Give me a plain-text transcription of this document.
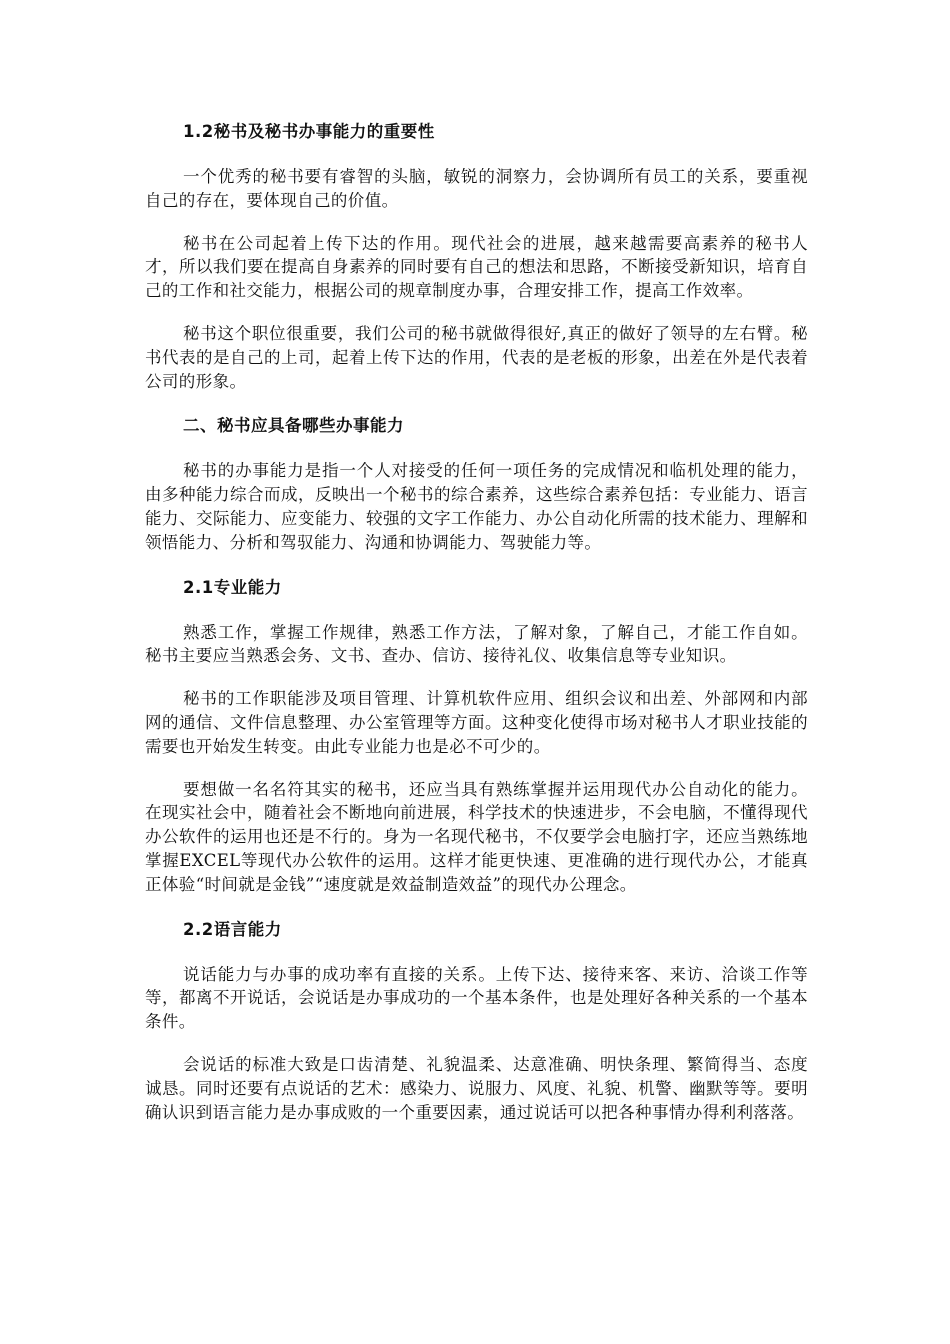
1.2秘书及秘书办事能力的重要性

一个优秀的秘书要有睿智的头脑，敏锐的洞察力，会协调所有员工的关系，要重视自己的存在，要体现自己的价值。

秘书在公司起着上传下达的作用。现代社会的进展，越来越需要高素养的秘书人才，所以我们要在提高自身素养的同时要有自己的想法和思路，不断接受新知识，培育自己的工作和社交能力，根据公司的规章制度办事，合理安排工作，提高工作效率。

秘书这个职位很重要，我们公司的秘书就做得很好,真正的做好了领导的左右臂。秘书代表的是自己的上司，起着上传下达的作用，代表的是老板的形象，出差在外是代表着公司的形象。

二、秘书应具备哪些办事能力

秘书的办事能力是指一个人对接受的任何一项任务的完成情况和临机处理的能力，由多种能力综合而成，反映出一个秘书的综合素养，这些综合素养包括：专业能力、语言能力、交际能力、应变能力、较强的文字工作能力、办公自动化所需的技术能力、理解和领悟能力、分析和驾驭能力、沟通和协调能力、驾驶能力等。

2.1专业能力

熟悉工作，掌握工作规律，熟悉工作方法，了解对象，了解自己，才能工作自如。秘书主要应当熟悉会务、文书、查办、信访、接待礼仪、收集信息等专业知识。

秘书的工作职能涉及项目管理、计算机软件应用、组织会议和出差、外部网和内部网的通信、文件信息整理、办公室管理等方面。这种变化使得市场对秘书人才职业技能的需要也开始发生转变。由此专业能力也是必不可少的。

要想做一名名符其实的秘书，还应当具有熟练掌握并运用现代办公自动化的能力。在现实社会中，随着社会不断地向前进展，科学技术的快速进步，不会电脑，不懂得现代办公软件的运用也还是不行的。身为一名现代秘书，不仅要学会电脑打字，还应当熟练地掌握EXCEL等现代办公软件的运用。这样才能更快速、更准确的进行现代办公，才能真正体验“时间就是金钱”“速度就是效益制造效益”的现代办公理念。

2.2语言能力

说话能力与办事的成功率有直接的关系。上传下达、接待来客、来访、洽谈工作等等，都离不开说话，会说话是办事成功的一个基本条件，也是处理好各种关系的一个基本条件。

会说话的标准大致是口齿清楚、礼貌温柔、达意准确、明快条理、繁简得当、态度诚恳。同时还要有点说话的艺术：感染力、说服力、风度、礼貌、机警、幽默等等。要明确认识到语言能力是办事成败的一个重要因素，通过说话可以把各种事情办得利利落落。
